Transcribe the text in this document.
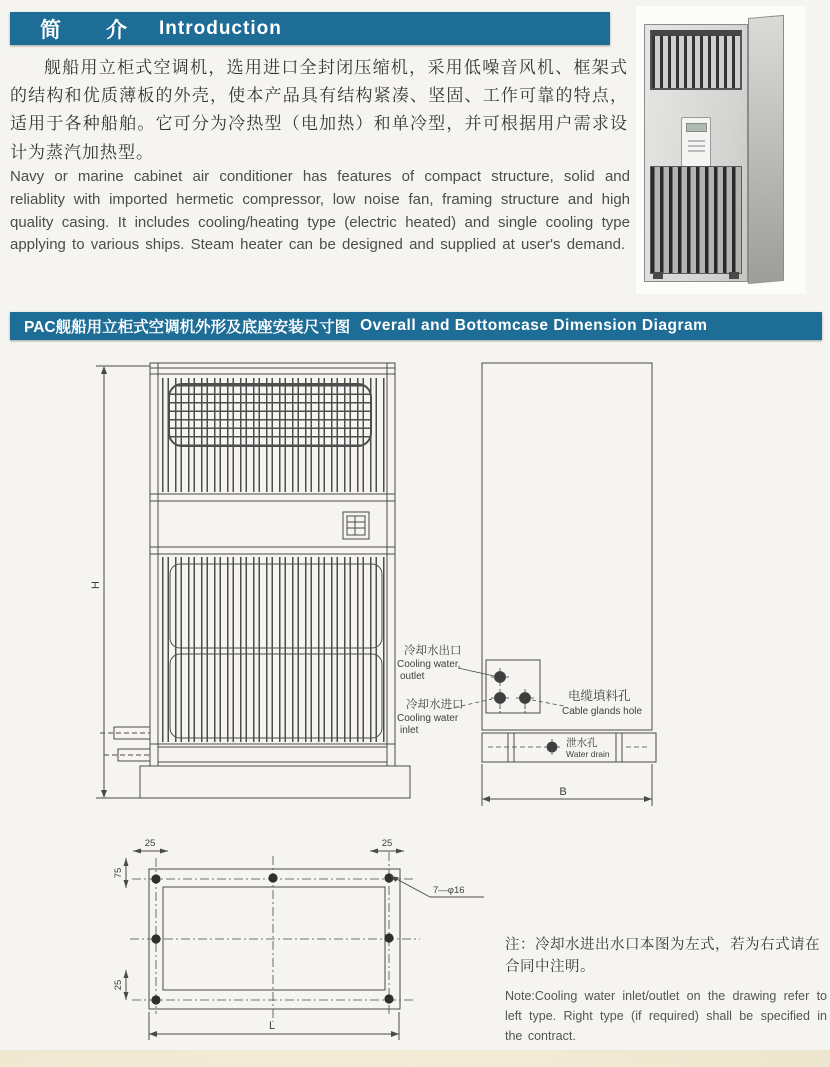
简　介 Introduction

舰船用立柜式空调机，选用进口全封闭压缩机，采用低噪音风机、框架式的结构和优质薄板的外壳，使本产品具有结构紧凑、坚固、工作可靠的特点，适用于各种船舶。它可分为冷热型（电加热）和单冷型，并可根据用户需求设计为蒸汽加热型。

Navy or marine cabinet air conditioner has features of compact structure, solid and reliablity with imported hermetic compressor, low noise fan, framing structure and high quality casing. It includes cooling/heating type (electric heated) and single cooling type applying to various ships. Steam heater can be designed and supplied at user's demand.

PAC舰船用立柜式空调机外形及底座安装尺寸图 Overall and Bottomcase Dimension Diagram
H
B
冷却水出口
Cooling water,
outlet
冷却水进口
Cooling water
inlet
电缆填料孔
Cable glands hole
泄水孔
Water drain
25	25
75
25
L
7—φ16

注：冷却水进出水口本图为左式，若为右式请在合同中注明。

Note:Cooling water inlet/outlet on the drawing refer to left type. Right type (if required) shall be specified in the contract.
